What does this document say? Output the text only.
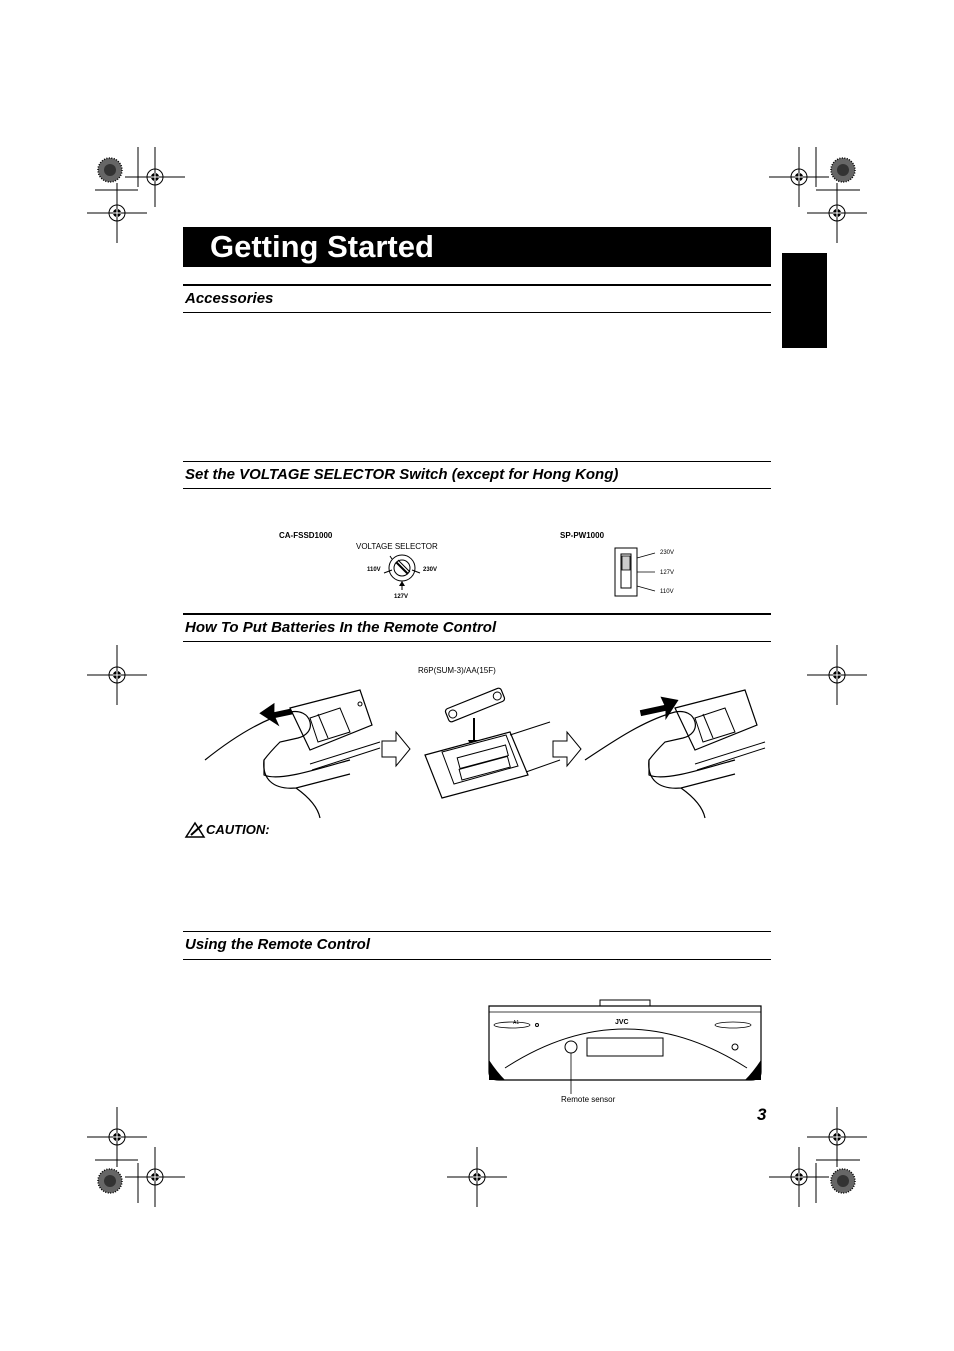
Getting Started
Accessories
Set the VOLTAGE SELECTOR Switch (except for Hong Kong)
CA-FSSD1000
VOLTAGE SELECTOR
110V	230V
127V
SP-PW1000
230V
127V
110V
How To Put Batteries In the Remote Control
R6P(SUM-3)/AA(15F)
CAUTION:
Using the Remote Control
JVC
A1
Remote sensor
3
